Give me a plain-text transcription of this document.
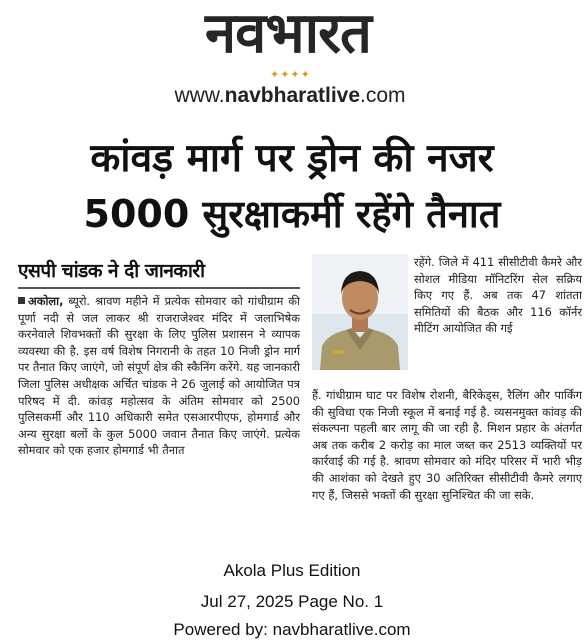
नवभारत
✦✦✦✦
www.navbharatlive.com
कांवड़ मार्ग पर ड्रोन की नजर
5000 सुरक्षाकर्मी रहेंगे तैनात
एसपी चांडक ने दी जानकारी

अकोला, ब्यूरो. श्रावण महीने में प्रत्येक सोमवार को गांधीग्राम की पूर्णा नदी से जल लाकर श्री राजराजेश्वर मंदिर में जलाभिषेक करनेवाले शिवभक्तों की सुरक्षा के लिए पुलिस प्रशासन ने व्यापक व्यवस्था की है. इस वर्ष विशेष निगरानी के तहत 10 निजी ड्रोन मार्ग पर तैनात किए जाएंगे, जो संपूर्ण क्षेत्र की स्कैनिंग करेंगे. यह जानकारी जिला पुलिस अधीक्षक अर्चित चांडक ने 26 जुलाई को आयोजित पत्र परिषद में दी. कांवड़ महोत्सव के अंतिम सोमवार को 2500 पुलिसकर्मी और 110 अधिकारी समेत एसआरपीएफ, होमगार्ड और अन्य सुरक्षा बलों के कुल 5000 जवान तैनात किए जाएंगे. प्रत्येक सोमवार को एक हजार होमगार्ड भी तैनात

रहेंगे. जिले में 411 सीसीटीवी कैमरे और सोशल मीडिया मॉनिटरिंग सेल सक्रिय किए गए हैं. अब तक 47 शांतता समितियों की बैठक और 116 कॉर्नर मीटिंग आयोजित की गई

हैं. गांधीग्राम घाट पर विशेष रोशनी, बैरिकेड्स, रैलिंग और पार्किंग की सुविधा एक निजी स्कूल में बनाई गई है. व्यसनमुक्त कांवड़ की संकल्पना पहली बार लागू की जा रही है. मिशन प्रहार के अंतर्गत अब तक करीब 2 करोड़ का माल जब्त कर 2513 व्यक्तियों पर कार्रवाई की गई है. श्रावण सोमवार को मंदिर परिसर में भारी भीड़ की आशंका को देखते हुए 30 अतिरिक्त सीसीटीवी कैमरे लगाए गए हैं, जिससे भक्तों की सुरक्षा सुनिश्चित की जा सके.

Akola Plus Edition
Jul 27, 2025 Page No. 1
Powered by: navbharatlive.com
